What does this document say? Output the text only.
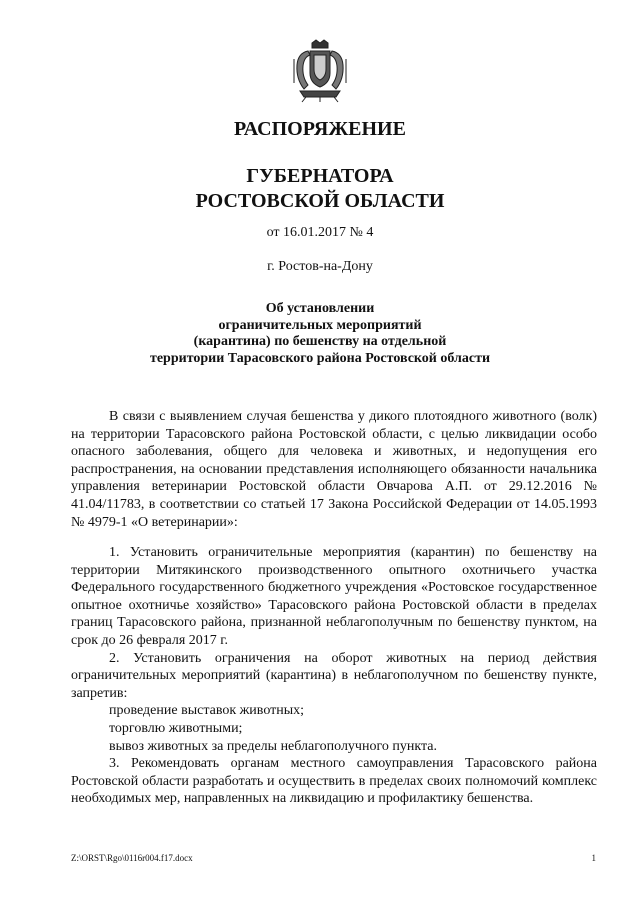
РАСПОРЯЖЕНИЕ
ГУБЕРНАТОРА
РОСТОВСКОЙ ОБЛАСТИ
от 16.01.2017 № 4
г. Ростов-на-Дону
Об установлении
ограничительных мероприятий
(карантина) по бешенству на отдельной
территории Тарасовского района Ростовской области

В связи с выявлением случая бешенства у дикого плотоядного животного (волк) на территории Тарасовского района Ростовской области, с целью ликвидации особо опасного заболевания, общего для человека и животных, и недопущения его распространения, на основании представления исполняющего обязанности начальника управления ветеринарии Ростовской области Овчарова А.П. от 29.12.2016 № 41.04/11783, в соответствии со статьей 17 Закона Российской Федерации от 14.05.1993 № 4979-1 «О ветеринарии»:

1. Установить ограничительные мероприятия (карантин) по бешенству на территории Митякинского производственного опытного охотничьего участка Федерального государственного бюджетного учреждения «Ростовское государственное опытное охотничье хозяйство» Тарасовского района Ростовской области в пределах границ Тарасовского района, признанной неблагополучным по бешенству пунктом, на срок до 26 февраля 2017 г.

2. Установить ограничения на оборот животных на период действия ограничительных мероприятий (карантина) в неблагополучном по бешенству пункте, запретив:

проведение выставок животных;

торговлю животными;

вывоз животных за пределы неблагополучного пункта.

3. Рекомендовать органам местного самоуправления Тарасовского района Ростовской области разработать и осуществить в пределах своих полномочий комплекс необходимых мер, направленных на ликвидацию и профилактику бешенства.

Z:\ORST\Rgo\0116r004.f17.docx	1
